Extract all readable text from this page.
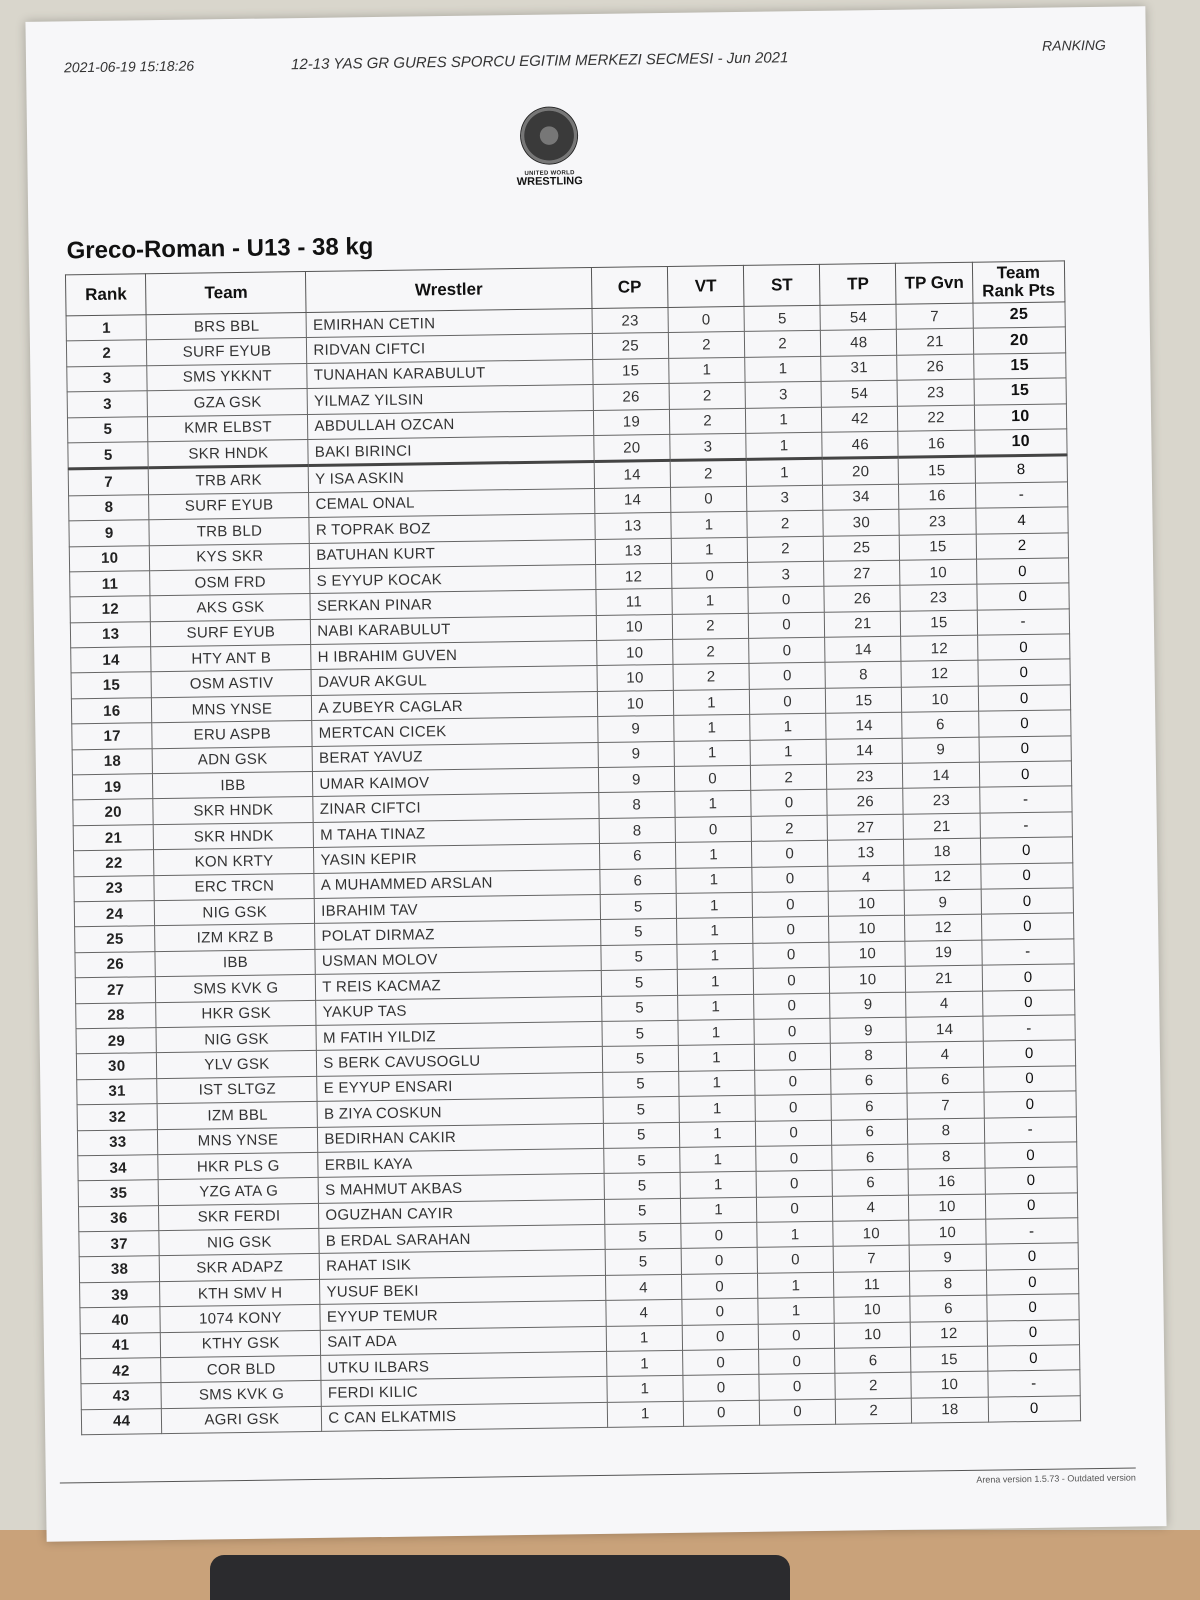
2021-06-19 15:18:26	12-13 YAS GR GURES SPORCU EGITIM MERKEZI SECMESI - Jun 2021
RANKING
UNITED WORLD
WRESTLING
Greco-Roman - U13 - 38 kg
Rank	Team	Wrestler	CP	VT	ST	TP	TP Gvn	Team
Rank Pts
1	BRS BBL	EMIRHAN CETIN	23	0	5	54	7	25
2	SURF EYUB	RIDVAN CIFTCI	25	2	2	48	21	20
3	SMS YKKNT	TUNAHAN KARABULUT	15	1	1	31	26	15
3	GZA GSK	YILMAZ YILSIN	26	2	3	54	23	15
5	KMR ELBST	ABDULLAH OZCAN	19	2	1	42	22	10
5	SKR HNDK	BAKI BIRINCI	20	3	1	46	16	10
7	TRB ARK	Y ISA ASKIN	14	2	1	20	15	8
8	SURF EYUB	CEMAL ONAL	14	0	3	34	16	-
9	TRB BLD	R TOPRAK BOZ	13	1	2	30	23	4
10	KYS SKR	BATUHAN KURT	13	1	2	25	15	2
11	OSM FRD	S EYYUP KOCAK	12	0	3	27	10	0
12	AKS GSK	SERKAN PINAR	11	1	0	26	23	0
13	SURF EYUB	NABI KARABULUT	10	2	0	21	15	-
14	HTY ANT B	H IBRAHIM GUVEN	10	2	0	14	12	0
15	OSM ASTIV	DAVUR AKGUL	10	2	0	8	12	0
16	MNS YNSE	A ZUBEYR CAGLAR	10	1	0	15	10	0
17	ERU ASPB	MERTCAN CICEK	9	1	1	14	6	0
18	ADN GSK	BERAT YAVUZ	9	1	1	14	9	0
19	IBB	UMAR KAIMOV	9	0	2	23	14	0
20	SKR HNDK	ZINAR CIFTCI	8	1	0	26	23	-
21	SKR HNDK	M TAHA TINAZ	8	0	2	27	21	-
22	KON KRTY	YASIN KEPIR	6	1	0	13	18	0
23	ERC TRCN	A MUHAMMED ARSLAN	6	1	0	4	12	0
24	NIG GSK	IBRAHIM TAV	5	1	0	10	9	0
25	IZM KRZ B	POLAT DIRMAZ	5	1	0	10	12	0
26	IBB	USMAN MOLOV	5	1	0	10	19	-
27	SMS KVK G	T REIS KACMAZ	5	1	0	10	21	0
28	HKR GSK	YAKUP TAS	5	1	0	9	4	0
29	NIG GSK	M FATIH YILDIZ	5	1	0	9	14	-
30	YLV GSK	S BERK CAVUSOGLU	5	1	0	8	4	0
31	IST SLTGZ	E EYYUP ENSARI	5	1	0	6	6	0
32	IZM BBL	B ZIYA COSKUN	5	1	0	6	7	0
33	MNS YNSE	BEDIRHAN CAKIR	5	1	0	6	8	-
34	HKR PLS G	ERBIL KAYA	5	1	0	6	8	0
35	YZG ATA G	S MAHMUT AKBAS	5	1	0	6	16	0
36	SKR FERDI	OGUZHAN CAYIR	5	1	0	4	10	0
37	NIG GSK	B ERDAL SARAHAN	5	0	1	10	10	-
38	SKR ADAPZ	RAHAT ISIK	5	0	0	7	9	0
39	KTH SMV H	YUSUF BEKI	4	0	1	11	8	0
40	1074 KONY	EYYUP TEMUR	4	0	1	10	6	0
41	KTHY GSK	SAIT ADA	1	0	0	10	12	0
42	COR BLD	UTKU ILBARS	1	0	0	6	15	0
43	SMS KVK G	FERDI KILIC	1	0	0	2	10	-
44	AGRI GSK	C CAN ELKATMIS	1	0	0	2	18	0
Arena version 1.5.73 - Outdated version
